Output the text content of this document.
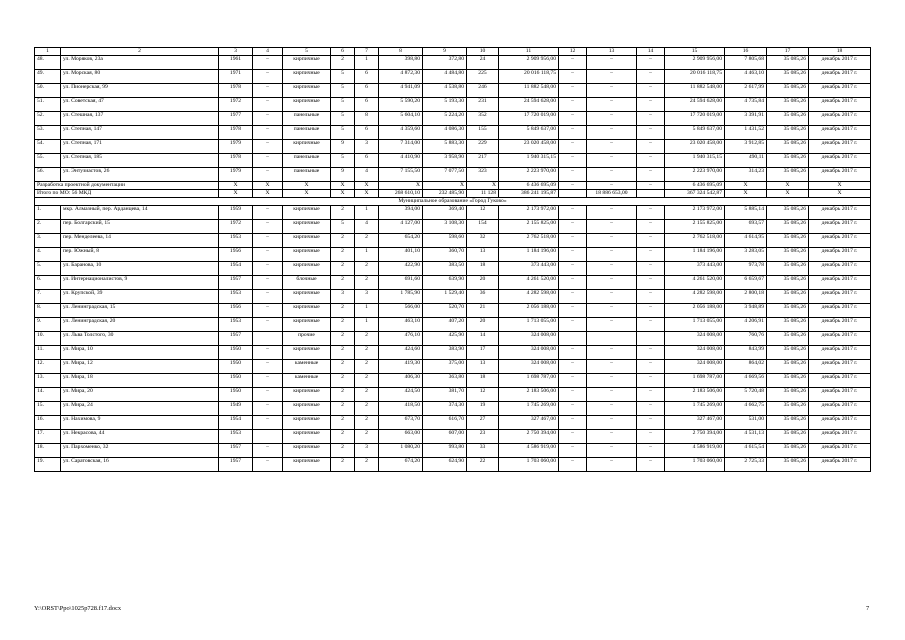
1	2	3	4	5	6	7	8	9	10	11	12	13	14	15	16	17	18
48.	ул. Моряков, 23а	1961	–	кирпичные	2	1	398,80	372,80	24	2 909 956,00	–	–	–	2 909 956,00	7 805,68	35 085,26	декабрь 2017 г.
49.	ул. Морская, 80	1971	–	кирпичные	5	6	4 872,30	4 484,80	225	20 016 118,75	–	–	–	20 016 118,75	4 463,10	35 085,26	декабрь 2017 г.
50.	ул. Пионерская, 99	1978	–	кирпичные	5	6	4 941,09	4 538,80	246	11 882 548,00	–	–	–	11 882 548,00	2 617,99	35 085,26	декабрь 2017 г.
51.	ул. Советская, 47	1972	–	кирпичные	5	6	5 590,20	5 193,30	231	24 594 628,00	–	–	–	24 594 628,00	4 735,84	35 085,26	декабрь 2017 г.
52.	ул. Стешная, 137	1977	–	панельные	5	8	5 604,10	5 224,20	352	17 720 019,00	–	–	–	17 720 019,00	3 391,91	35 085,26	декабрь 2017 г.
53.	ул. Степная, 147	1978	–	панельные	5	6	4 359,60	4 086,30	155	5 849 637,00	–	–	–	5 849 637,00	1 431,52	35 085,26	декабрь 2017 г.
54.	ул. Степная, 171	1979	–	кирпичные	9	3	7 314,00	5 883,30	229	23 020 458,00	–	–	–	23 020 458,00	3 912,85	35 085,26	декабрь 2017 г.
55.	ул. Степная, 185	1978	–	панельные	5	6	4 410,90	3 958,90	217	1 940 315,15	–	–	–	1 940 315,15	490,11	35 085,26	декабрь 2017 г.
56.	ул. Энтузиастов, 26	1979	–	панельные	9	4	7 155,50	7 077,50	323	2 223 970,00	–	–	–	2 223 970,00	314,23	35 085,26	декабрь 2017 г.
Разработка проектной документации		X	X	X	X	X	X	X	X	6 436 695,09	–	–	–	6 436 695,09	X	X	X
Итого по МО: 56 МКД		X	X	X	X	X	268 610,10	232 485,90	11 128	386 241 195,87		18 886 653,00		367 324 542,87	X	X	X
Муниципальное образование «Город Гуково»																	
1.	мкр. Алмазный, пер. Арданцева, 14	1959	–	кирпичные	2	1	394,00	369,40	12	2 173 972,00	–	–	–	2 173 972,00	5 885,14	35 085,26	декабрь 2017 г.
2.	пер. Болгарский, 15	1972	–	кирпичные	5	4	4 127,00	3 108,30	154	2 155 825,00	–	–	–	2 155 825,00	693,57	35 085,26	декабрь 2017 г.
3.	пер. Менделеева, 14	1953	–	кирпичные	2	2	654,20	598,60	32	2 762 518,00	–	–	–	2 762 518,00	4 614,95	35 085,26	декабрь 2017 г.
4.	пер. Южный, 8	1956	–	кирпичные	2	1	401,10	360,70	13	1 184 196,00	–	–	–	1 184 196,00	3 283,05	35 085,26	декабрь 2017 г.
5.	ул. Баранова, 10	1954	–	кирпичные	2	2	422,90	383,50	18	373 443,00	–	–	–	373 443,00	973,78	35 085,26	декабрь 2017 г.
6.	ул. Интернационалистов, 9	1957	–	блочные	2	2	691,60	639,90	20	4 261 520,00	–	–	–	4 261 520,00	6 659,67	35 085,26	декабрь 2017 г.
7.	ул. Крупской, 39	1953	–	кирпичные	3	3	1 785,90	1 529,40	36	4 282 598,00	–	–	–	4 282 598,00	2 800,18	35 085,26	декабрь 2017 г.
8.	ул. Ленинградская, 15	1956	–	кирпичные	2	1	566,00	520,70	21	2 056 188,00	–	–	–	2 056 188,00	3 948,89	35 085,26	декабрь 2017 г.
9.	ул. Ленинградская, 20	1953	–	кирпичные	2	1	463,10	407,20	20	1 713 055,00	–	–	–	1 713 055,00	4 206,91	35 085,26	декабрь 2017 г.
10.	ул. Льва Толстого, 30	1957		прочие	2	2	476,10	425,90	14	324 008,00				324 008,00	760,76	35 085,26	декабрь 2017 г.
11.	ул. Мира, 10	1950	–	кирпичные	2	2	424,60	383,90	17	324 008,00	–	–	–	324 008,00	843,99	35 085,26	декабрь 2017 г.
12.	ул. Мира, 12	1950	–	каменные	2	2	419,30	375,00	13	324 008,00	–	–	–	324 008,00	864,02	35 085,26	декабрь 2017 г.
13.	ул. Мира, 18	1950	–	каменные	2	2	406,30	363,80	18	1 698 787,00	–	–	–	1 698 787,00	4 669,56	35 085,26	декабрь 2017 г.
14.	ул. Мира, 20	1950	–	кирпичные	2	2	424,50	381,70	12	2 183 506,00	–	–	–	2 183 506,00	5 720,48	35 085,26	декабрь 2017 г.
15.	ул. Мира, 24	1949	–	кирпичные	2	2	418,50	374,30	19	1 745 269,00	–	–	–	1 745 269,00	4 662,75	35 085,26	декабрь 2017 г.
16.	ул. Нахимова, 9	1954	–	кирпичные	2	2	673,70	616,70	27	327 467,00	–	–	–	327 467,00	531,00	35 085,26	декабрь 2017 г.
17.	ул. Некрасова, 44	1953		кирпичные	2	2	663,00	607,00	23	2 750 394,00	–	–	–	2 750 394,00	4 531,13	35 085,26	декабрь 2017 г.
18.	ул. Пархоменко, 32	1957	–	кирпичные	2	3	1 080,20	993,80	33	4 586 919,00	–	–	–	4 586 919,00	4 615,54	35 085,26	декабрь 2017 г.
19.	ул. Саратовская, 16	1957	–	кирпичные	2	2	674,20	624,90	22	1 703 060,00	–	–	–	1 703 060,00	2 725,33	35 085,26	декабрь 2017 г.
Y:\ORST\Ppo\1025p728.f17.docx	7
